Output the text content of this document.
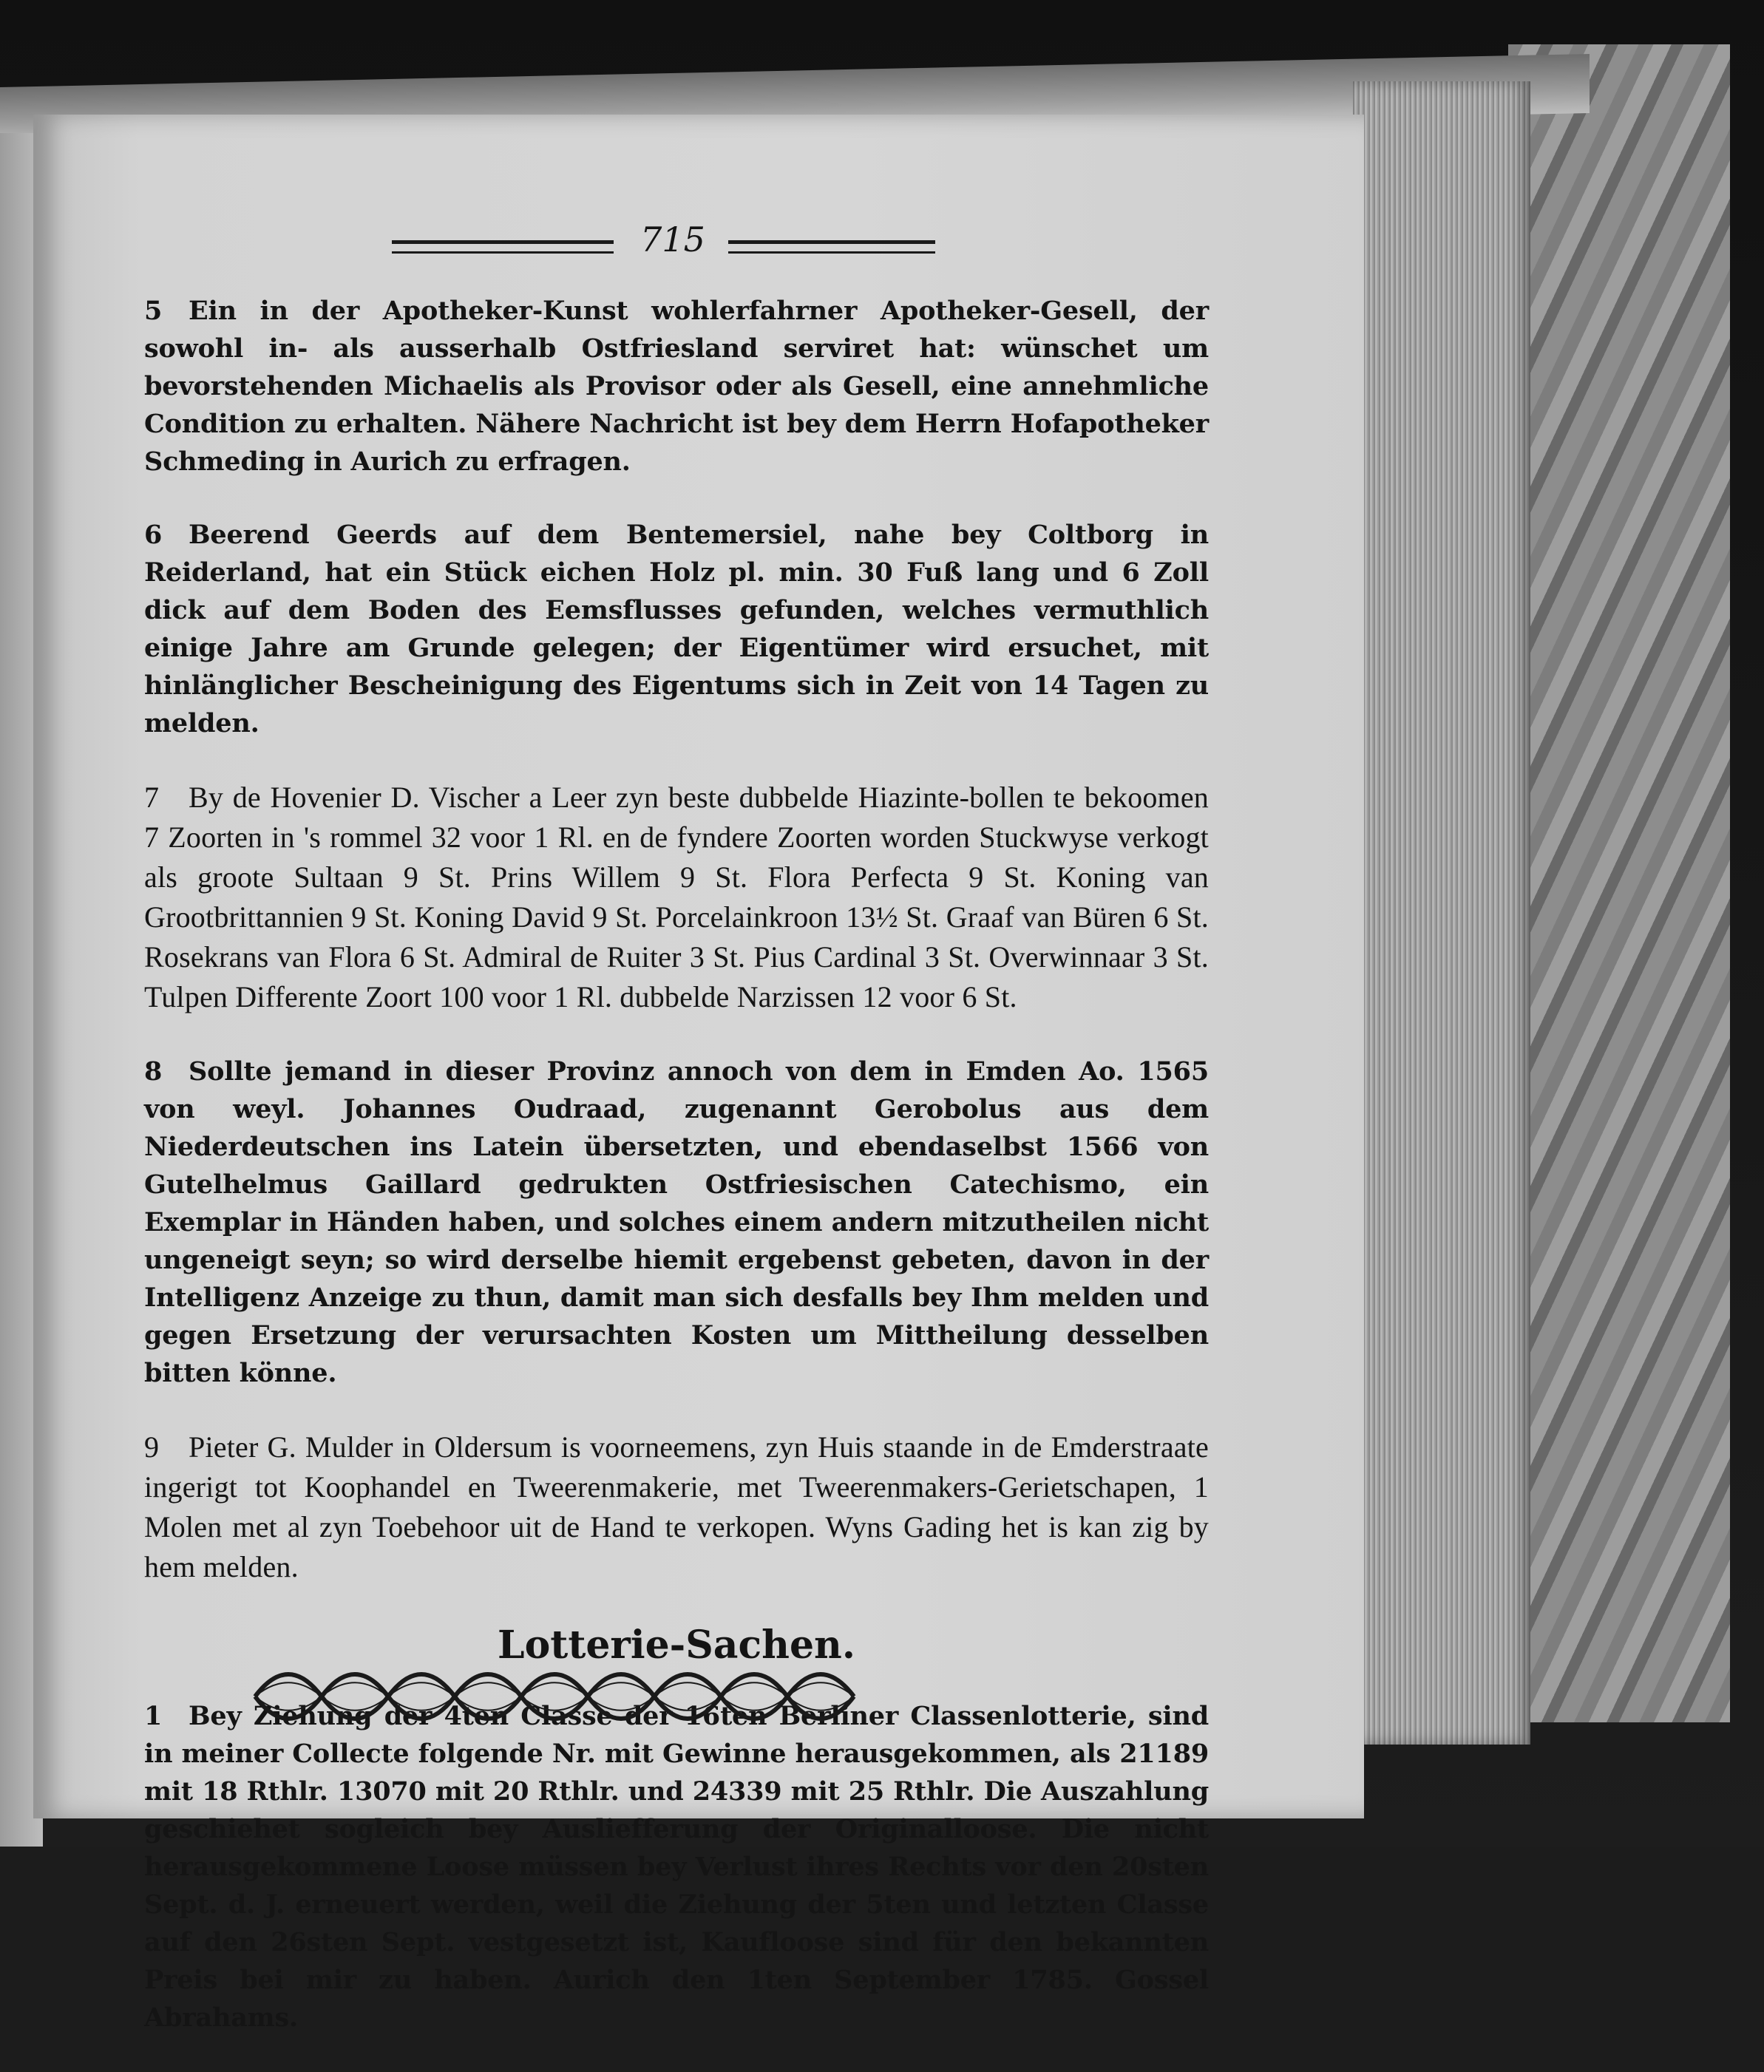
715
5 Ein in der Apotheker-Kunst wohlerfahrner Apotheker-Gesell, der sowohl in- als ausserhalb Ostfriesland serviret hat: wünschet um bevorstehenden Michaelis als Provisor oder als Gesell, eine annehmliche Condition zu erhalten. Nähere Nachricht ist bey dem Herrn Hofapotheker Schmeding in Aurich zu erfragen.
6 Beerend Geerds auf dem Bentemersiel, nahe bey Coltborg in Reiderland, hat ein Stück eichen Holz pl. min. 30 Fuß lang und 6 Zoll dick auf dem Boden des Eemsflusses gefunden, welches vermuthlich einige Jahre am Grunde gelegen; der Eigentümer wird ersuchet, mit hinlänglicher Bescheinigung des Eigentums sich in Zeit von 14 Tagen zu melden.
7 By de Hovenier D. Vischer a Leer zyn beste dubbelde Hiazinte-bollen te bekoomen 7 Zoorten in 's rommel 32 voor 1 Rl. en de fyndere Zoorten worden Stuckwyse verkogt als groote Sultaan 9 St. Prins Willem 9 St. Flora Perfecta 9 St. Koning van Grootbrittannien 9 St. Koning David 9 St. Porcelainkroon 13½ St. Graaf van Büren 6 St. Rosekrans van Flora 6 St. Admiral de Ruiter 3 St. Pius Cardinal 3 St. Overwinnaar 3 St. Tulpen Differente Zoort 100 voor 1 Rl. dubbelde Narzissen 12 voor 6 St.
8 Sollte jemand in dieser Provinz annoch von dem in Emden Ao. 1565 von weyl. Johannes Oudraad, zugenannt Gerobolus aus dem Niederdeutschen ins Latein übersetzten, und ebendaselbst 1566 von Gutelhelmus Gaillard gedrukten Ostfriesischen Catechismo, ein Exemplar in Händen haben, und solches einem andern mitzutheilen nicht ungeneigt seyn; so wird derselbe hiemit ergebenst gebeten, davon in der Intelligenz Anzeige zu thun, damit man sich desfalls bey Ihm melden und gegen Ersetzung der verursachten Kosten um Mittheilung desselben bitten könne.
9 Pieter G. Mulder in Oldersum is voorneemens, zyn Huis staande in de Emderstraate ingerigt tot Koophandel en Tweerenmakerie, met Tweerenmakers-Gerietschapen, 1 Molen met al zyn Toebehoor uit de Hand te verkopen. Wyns Gading het is kan zig by hem melden.
Lotterie-Sachen.
1 Bey Ziehung der 4ten Classe der 16ten Berliner Classenlotterie, sind in meiner Collecte folgende Nr. mit Gewinne herausgekommen, als 21189 mit 18 Rthlr. 13070 mit 20 Rthlr. und 24339 mit 25 Rthlr. Die Auszahlung geschiehet sogleich bey Ausliefferung der Originalloose. Die nicht herausgekommene Loose müssen bey Verlust ihres Rechts vor den 20sten Sept. d. J. erneuert werden, weil die Ziehung der 5ten und letzten Classe auf den 26sten Sept. vestgesetzt ist, Kaufloose sind für den bekannten Preis bei mir zu haben. Aurich den 1ten September 1785. Gossel Abrahams.
